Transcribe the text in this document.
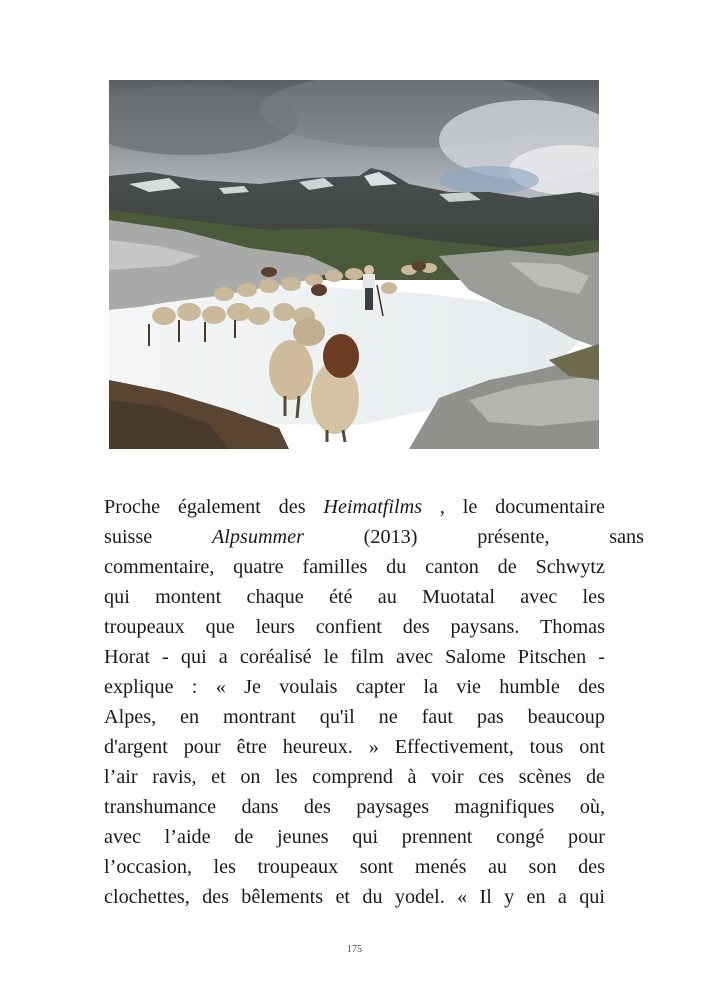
Proche également des Heimatfilms , le documentaire
suisse Alpsummer (2013) présente, sans
commentaire, quatre familles du canton de Schwytz
qui montent chaque été au Muotatal avec les
troupeaux que leurs confient des paysans. Thomas
Horat - qui a coréalisé le film avec Salome Pitschen -
explique : « Je voulais capter la vie humble des
Alpes, en montrant qu'il ne faut pas beaucoup
d'argent pour être heureux. » Effectivement, tous ont
l’air ravis, et on les comprend à voir ces scènes de
transhumance dans des paysages magnifiques où,
avec l’aide de jeunes qui prennent congé pour
l’occasion, les troupeaux sont menés au son des
clochettes, des bêlements et du yodel. « Il y en a qui
175
